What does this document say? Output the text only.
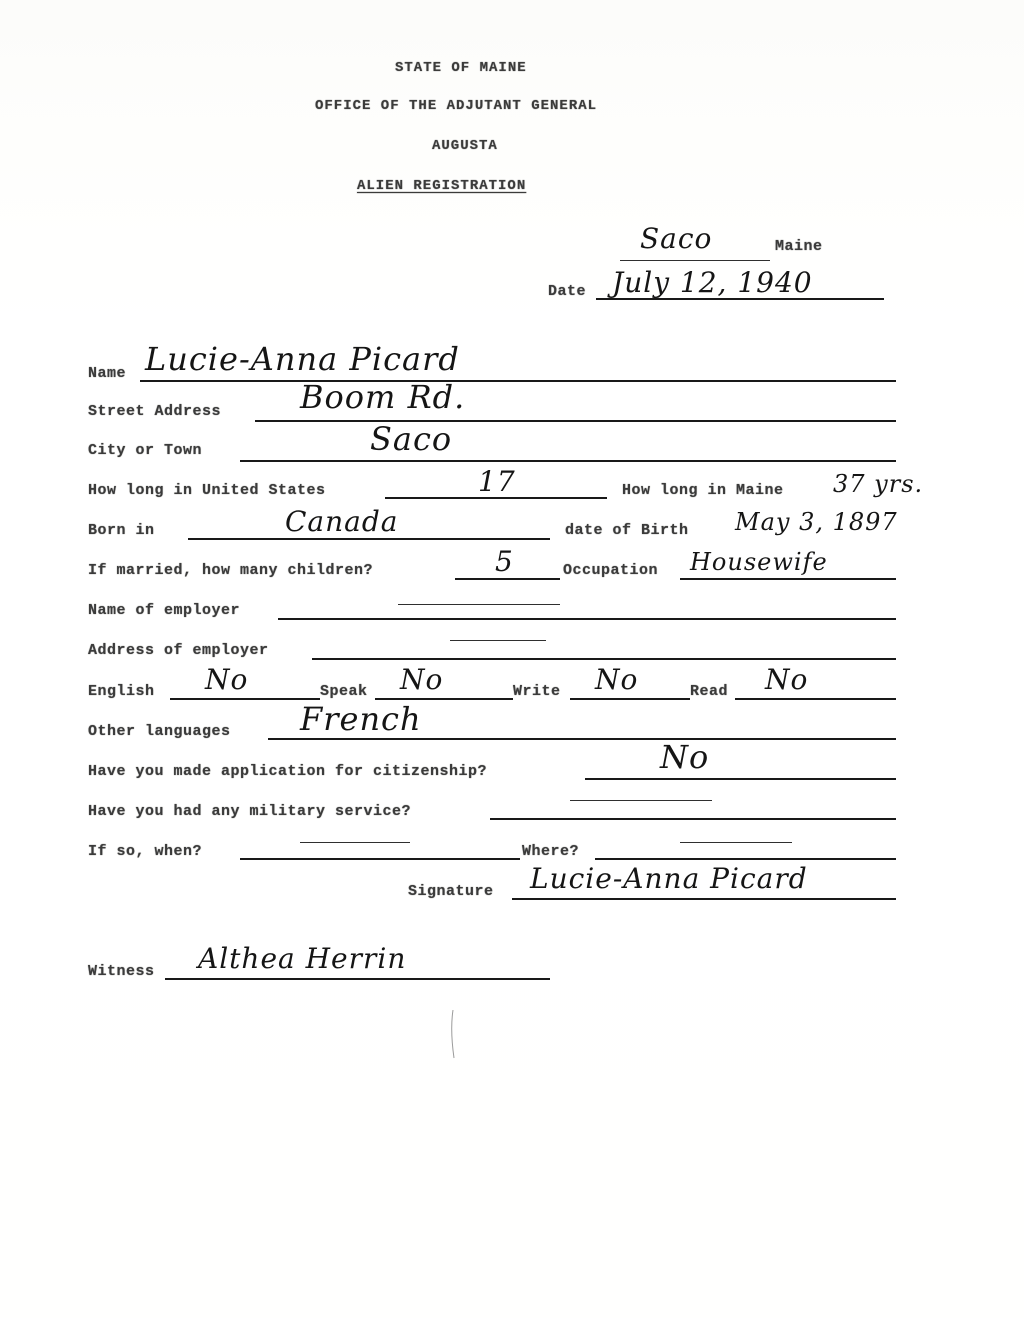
STATE OF MAINE
OFFICE OF THE ADJUTANT GENERAL
AUGUSTA
ALIEN REGISTRATION
Saco	Maine
Date July 12, 1940
Name Lucie-Anna Picard
Street Address Boom Rd.
City or Town	Saco
How long in United States	17	How long in Maine 37 yrs.
Born in	Canada	date of Birth May 3, 1897
If married, how many children?	5	Occupation Housewife
Name of employer
Address of employer
English No	Speak No	Write No	Read No
Other languages French
Have you made application for citizenship?	No
Have you had any military service?
If so, when?	Where?
Signature Lucie-Anna Picard
Witness Althea Herrin
